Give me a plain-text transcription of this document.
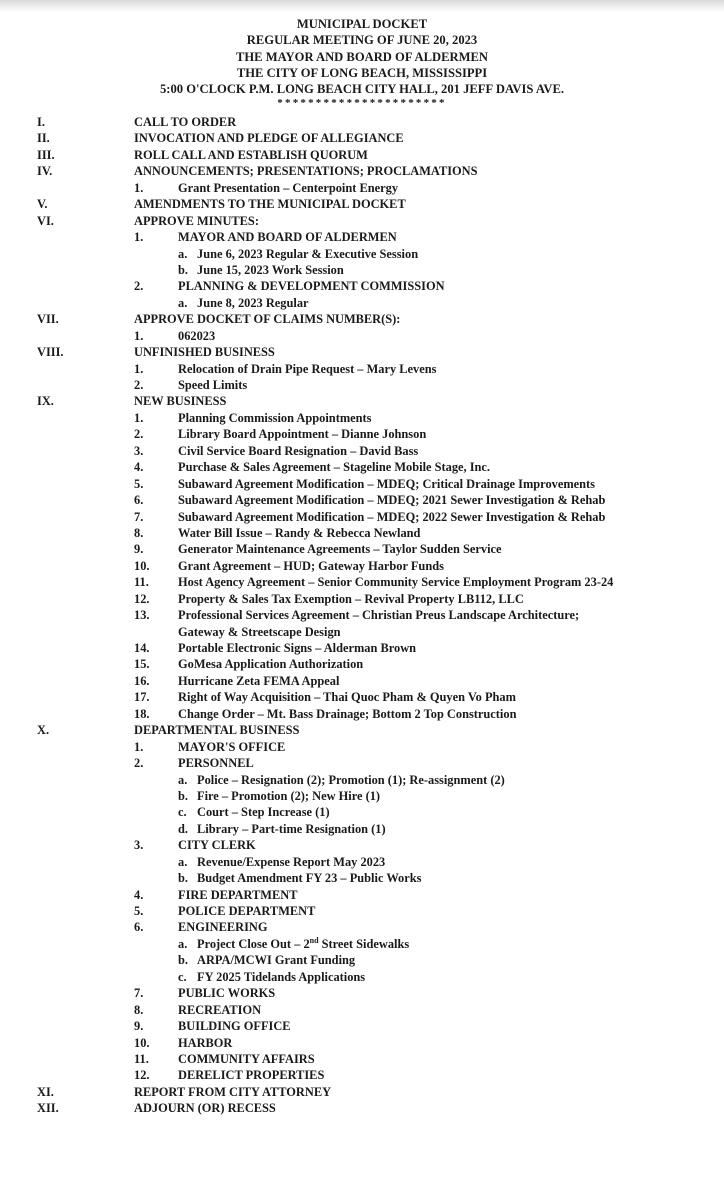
MUNICIPAL DOCKET
REGULAR MEETING OF JUNE 20, 2023
THE MAYOR AND BOARD OF ALDERMEN
THE CITY OF LONG BEACH, MISSISSIPPI
5:00 O'CLOCK P.M. LONG BEACH CITY HALL, 201 JEFF DAVIS AVE.
**********************
I.	CALL TO ORDER
II.	INVOCATION AND PLEDGE OF ALLEGIANCE
III.	ROLL CALL AND ESTABLISH QUORUM
IV.	ANNOUNCEMENTS; PRESENTATIONS; PROCLAMATIONS
1.	Grant Presentation – Centerpoint Energy
V.	AMENDMENTS TO THE MUNICIPAL DOCKET
VI.	APPROVE MINUTES:
1.	MAYOR AND BOARD OF ALDERMEN
a. June 6, 2023 Regular & Executive Session
b. June 15, 2023 Work Session
2.	PLANNING & DEVELOPMENT COMMISSION
a. June 8, 2023 Regular
VII.	APPROVE DOCKET OF CLAIMS NUMBER(S):
1.	062023
VIII.	UNFINISHED BUSINESS
1.	Relocation of Drain Pipe Request – Mary Levens
2.	Speed Limits
IX.	NEW BUSINESS
1.	Planning Commission Appointments
2.	Library Board Appointment – Dianne Johnson
3.	Civil Service Board Resignation – David Bass
4.	Purchase & Sales Agreement – Stageline Mobile Stage, Inc.
5.	Subaward Agreement Modification – MDEQ; Critical Drainage Improvements
6.	Subaward Agreement Modification – MDEQ; 2021 Sewer Investigation & Rehab
7.	Subaward Agreement Modification – MDEQ; 2022 Sewer Investigation & Rehab
8.	Water Bill Issue – Randy & Rebecca Newland
9.	Generator Maintenance Agreements – Taylor Sudden Service
10. Grant Agreement – HUD; Gateway Harbor Funds
11. Host Agency Agreement – Senior Community Service Employment Program 23-24
12. Property & Sales Tax Exemption – Revival Property LB112, LLC
13. Professional Services Agreement – Christian Preus Landscape Architecture;
Gateway & Streetscape Design
14. Portable Electronic Signs – Alderman Brown
15. GoMesa Application Authorization
16. Hurricane Zeta FEMA Appeal
17. Right of Way Acquisition – Thai Quoc Pham & Quyen Vo Pham
18. Change Order – Mt. Bass Drainage; Bottom 2 Top Construction
X.	DEPARTMENTAL BUSINESS
1.	MAYOR'S OFFICE
2.	PERSONNEL
a. Police – Resignation (2); Promotion (1); Re-assignment (2)
b. Fire – Promotion (2); New Hire (1)
c. Court – Step Increase (1)
d. Library – Part-time Resignation (1)
3.	CITY CLERK
a. Revenue/Expense Report May 2023
b. Budget Amendment FY 23 – Public Works
4.	FIRE DEPARTMENT
5.	POLICE DEPARTMENT
6.	ENGINEERING
a. Project Close Out – 2nd Street Sidewalks
b. ARPA/MCWI Grant Funding
c. FY 2025 Tidelands Applications
7.	PUBLIC WORKS
8.	RECREATION
9.	BUILDING OFFICE
10. HARBOR
11. COMMUNITY AFFAIRS
12. DERELICT PROPERTIES
XI.	REPORT FROM CITY ATTORNEY
XII.	ADJOURN (OR) RECESS
